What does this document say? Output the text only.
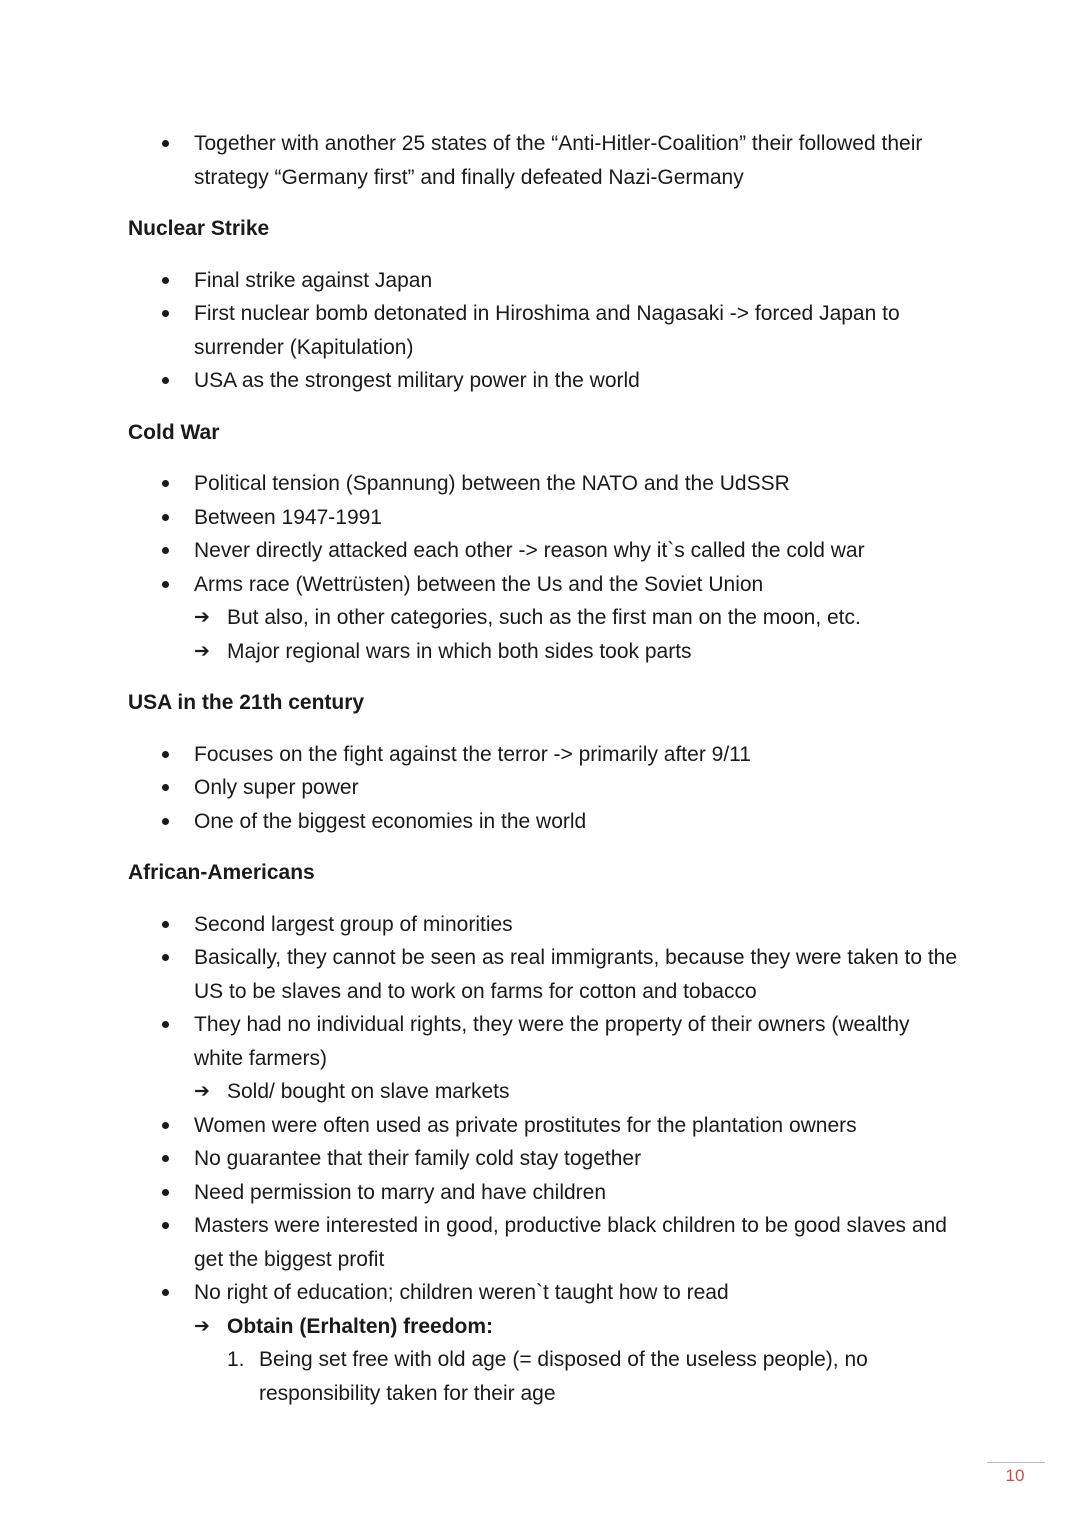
Together with another 25 states of the “Anti-Hitler-Coalition” their followed their strategy “Germany first” and finally defeated Nazi-Germany

Nuclear Strike

Final strike against Japan
First nuclear bomb detonated in Hiroshima and Nagasaki -> forced Japan to surrender (Kapitulation)
USA as the strongest military power in the world

Cold War

Political tension (Spannung) between the NATO and the UdSSR
Between 1947-1991
Never directly attacked each other -> reason why it`s called the cold war
Arms race (Wettrüsten) between the Us and the Soviet Union
➔ But also, in other categories, such as the first man on the moon, etc.
➔ Major regional wars in which both sides took parts

USA in the 21th century

Focuses on the fight against the terror -> primarily after 9/11
Only super power
One of the biggest economies in the world

African-Americans

Second largest group of minorities
Basically, they cannot be seen as real immigrants, because they were taken to the US to be slaves and to work on farms for cotton and tobacco
They had no individual rights, they were the property of their owners (wealthy white farmers)
➔ Sold/ bought on slave markets
Women were often used as private prostitutes for the plantation owners
No guarantee that their family cold stay together
Need permission to marry and have children
Masters were interested in good, productive black children to be good slaves and get the biggest profit
No right of education; children weren`t taught how to read
➔ Obtain (Erhalten) freedom:
1. Being set free with old age (= disposed of the useless people), no responsibility taken for their age
10
